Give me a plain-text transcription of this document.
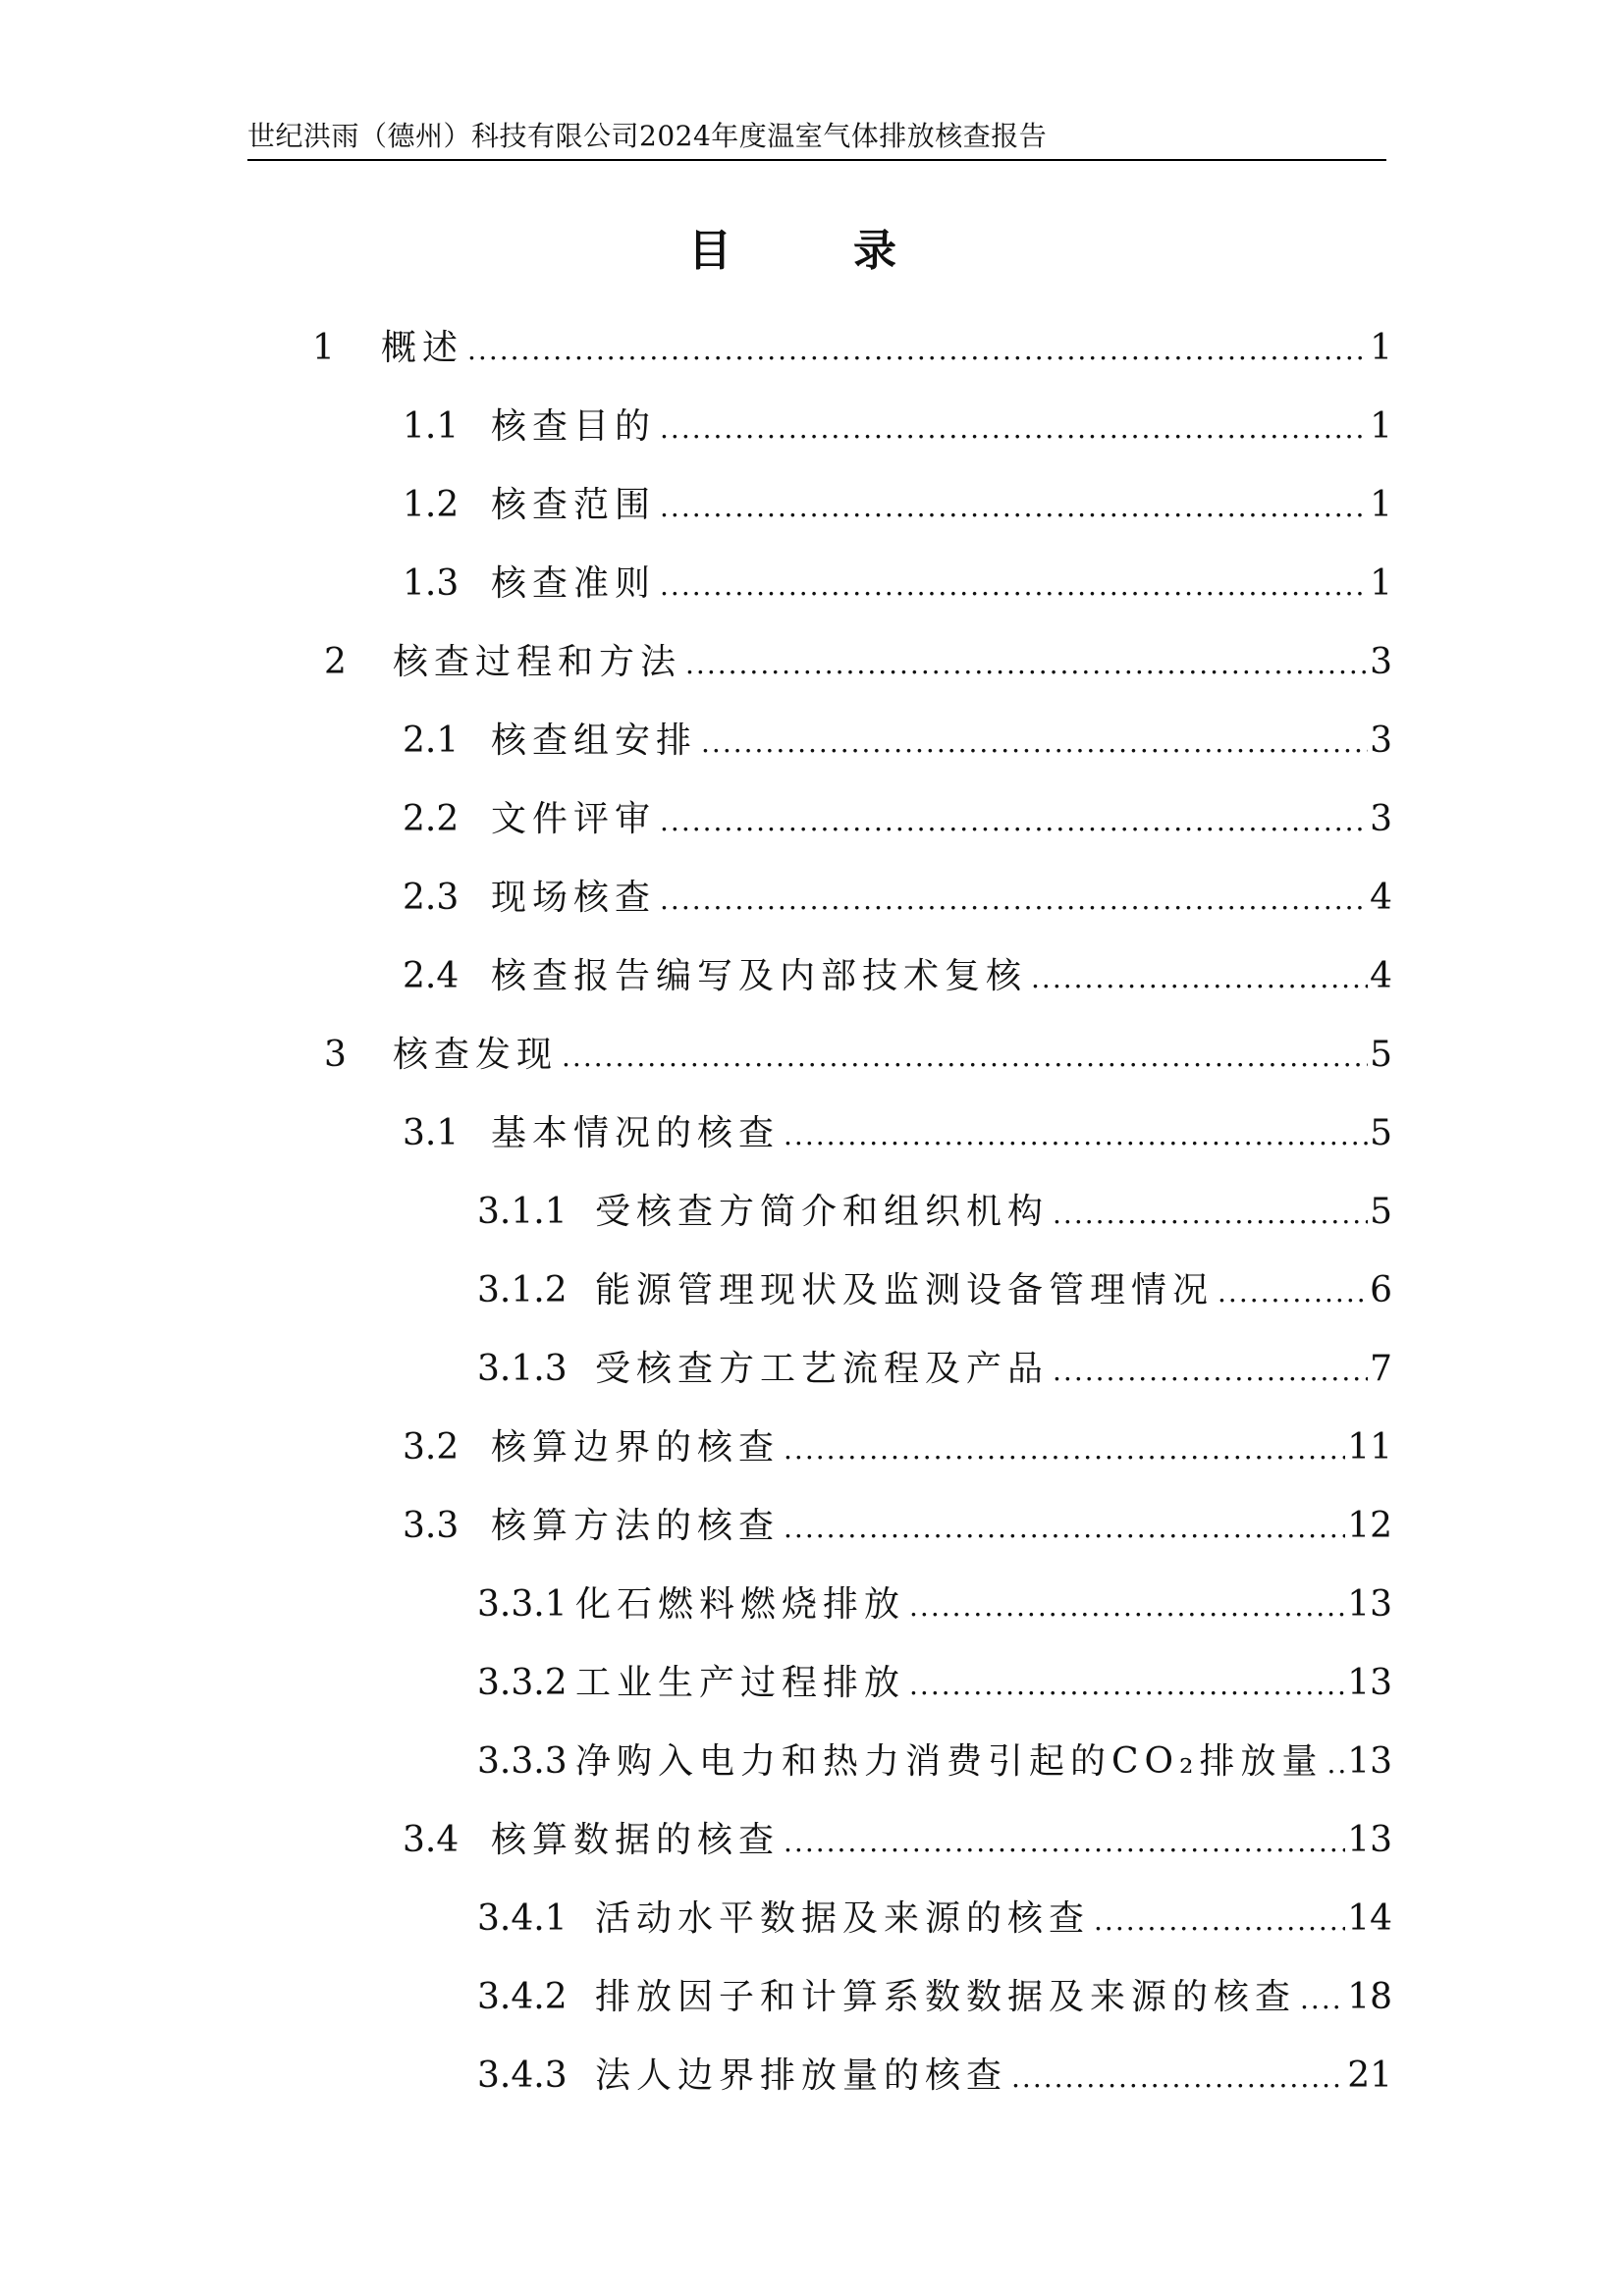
世纪洪雨（德州）科技有限公司2024年度温室气体排放核查报告
目　录
1	概述 .....	1
1.1 核查目的 .....	1
1.2 核查范围 .....	1
1.3 核查准则 .....	1
2	核查过程和方法 .....	3
2.1 核查组安排 .....	3
2.2 文件评审 .....	3
2.3 现场核查 .....	4
2.4 核查报告编写及内部技术复核 .....	4
3	核查发现 .....	5
3.1 基本情况的核查 .....	5
3.1.1 受核查方简介和组织机构 .....	5
3.1.2 能源管理现状及监测设备管理情况 .....	6
3.1.3 受核查方工艺流程及产品 .....	7
3.2 核算边界的核查 .....	11
3.3 核算方法的核查 .....	12
3.3.1 化石燃料燃烧排放 .....	13
3.3.2 工业生产过程排放 .....	13
3.3.3 净购入电力和热力消费引起的CO₂排放量 ..... 13
3.4 核算数据的核查 .....	13
3.4.1 活动水平数据及来源的核查 .....	14
3.4.2 排放因子和计算系数数据及来源的核查 ..... 18
3.4.3 法人边界排放量的核查 .....	21
